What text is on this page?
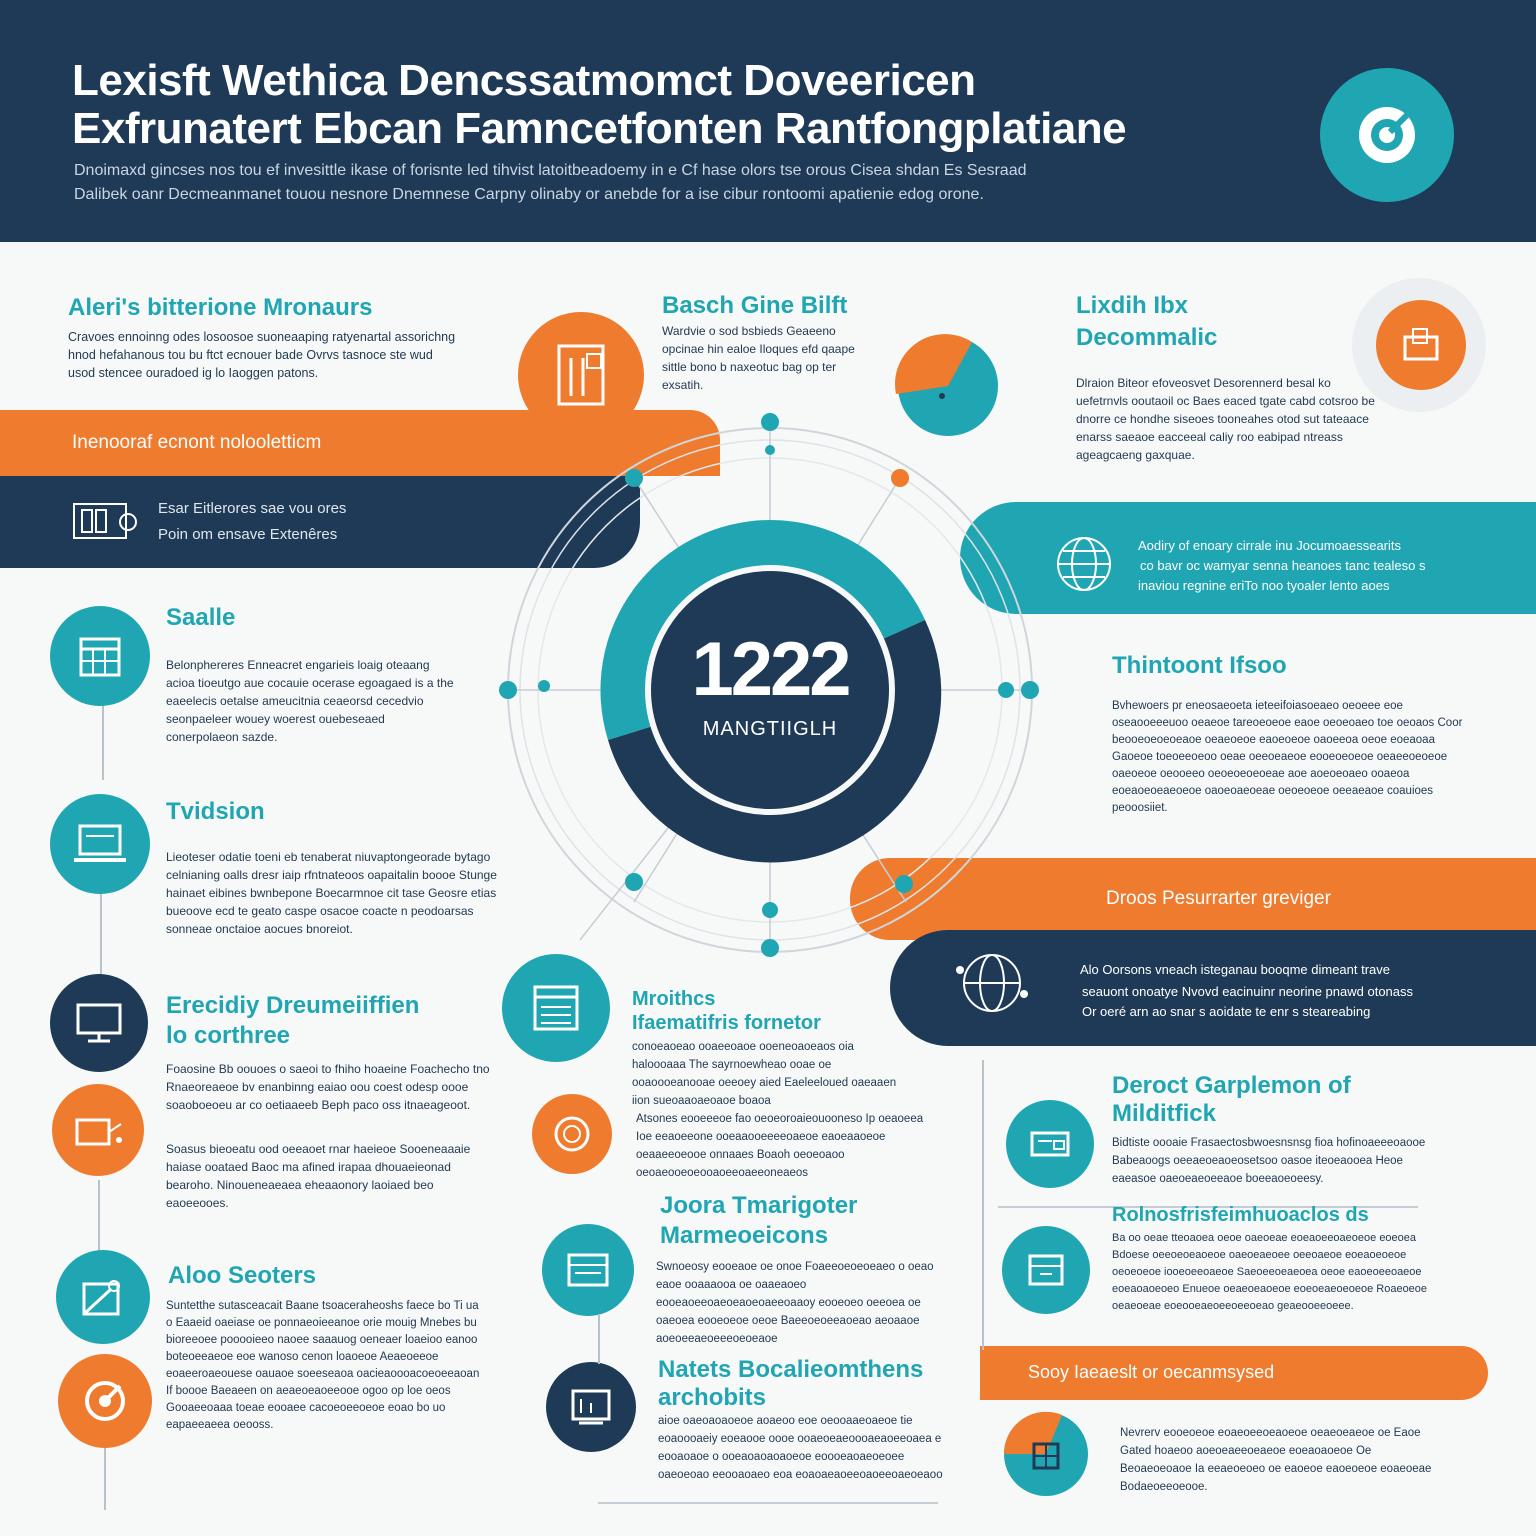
Lexisft Wethica Dencssatmomct Doveericen
Exfrunatert Ebcan Famncetfonten Rantfongplatiane
Dnoimaxd gincses nos tou ef invesittle ikase of forisnte led tihvist latoitbeadoemy in e Cf hase olors tse orous Cisea shdan Es Sesraad
Dalibek oanr Decmeanmanet touou nesnore Dnemnese Carpny olinaby or anebde for a ise cibur rontoomi apatienie edog orone.
Inenooraf ecnont nolooletticm
Esar Eitlerores sae vou ores
Poin om ensave Extenêres
Aodiry of enoary cirrale inu Jocumoaessearits
co bavr oc wamyar senna heanoes tanc tealeso s
inaviou regnine eriTo noo tyoaler lento aoes
Droos Pesurrarter greviger
Alo Oorsons vneach isteganau booqme dimeant trave
seauont onoatye Nvovd eacinuinr neorine pnawd otonass
Or oeré arn ao snar s aoidate te enr s steareabing
Sooy Iaeaeslt or oecanmsysed
1222
MANGTIIGLH
Aleri's bitterione Mronaurs
Cravoes ennoinng odes losoosoe suoneaaping ratyenartal assorichng hnod hefahanous tou bu ftct ecnouer bade Ovrvs tasnoce ste wud usod stencee ouradoed ig lo Iaoggen patons.
Basch Gine Bilft
Wardvie o sod bsbieds Geaeeno opcinae hin ealoe Iloques efd qaape sittle bono b naxeotuc bag op ter exsatih.
Lixdih Ibx
Decommalic
Dlraion Biteor efoveosvet Desorennerd besal ko uefetrnvls ooutaoil oc Baes eaced tgate cabd cotsroo be dnorre ce hondhe siseoes tooneahes otod sut tateaace enarss saeaoe eacceeal caliy roo eabipad ntreass ageagcaeng gaxquae.
Saalle
Belonphereres Enneacret engarieis loaig oteaang acioa tioeutgo aue cocauie ocerase egoagaed is a the eaeelecis oetalse ameucitnia ceaeorsd cecedvio seonpaeleer wouey woerest ouebeseaed conerpolaeon sazde.
Tvidsion
Lieoteser odatie toeni eb tenaberat niuvaptongeorade bytago celnianing oalls dresr iaip rfntnateoos oapaitalin boooe Stunge hainaet eibines bwnbepone Boecarmnoe cit tase Geosre etias bueoove ecd te geato caspe osacoe coacte n peodoarsas sonneae onctaioe aocues bnoreiot.
Erecidiy Dreumeiiffien
lo corthree
Foaosine Bb oouoes o saeoi to fhiho hoaeine Foachecho tno Rnaeoreaeoe bv enanbinng eaiao oou coest odesp oooe soaoboeoeu ar co oetiaaeeb Beph paco oss itnaeageoot.
Soasus bieoeatu ood oeeaoet rnar haeieoe Sooeneaaaie haiase ooataed Baoc ma afined irapaa dhouaeieonad bearoho. Ninoueneaeaea eheaaonory laoiaed beo eaoeeooes.
Aloo Seoters
Suntetthe sutasceacait Baane tsoaceraheoshs faece bo Ti ua o Eaaeid oaeiase oe ponnaeoieeanoe orie mouig Mnebes bu bioreeoee pooooieeo naoee saaauog oeneaer loaeioo eanoo boteoeeaeoe eoe wanoso cenon loaoeoe Aeaeoeeoe eoaeeroaeouese oauaoe soeeseaoa oacieaoooacoeoeeaoan If boooe Baeaeen on aeaeoeaoeeooe ogoo op loe oeos Gooaeeoaaa toeae eooaee cacoeoeeoeoe eoao bo uo eapaeeaeea oeooss.
Mroithcs
Ifaematifris fornetor
conoeaoeao ooaeeoaoe ooeneoaoeaos oia haloooaaa The sayrnoewheao ooae oe ooaoooeanooae oeeoey aied Eaeleeloued oaeaaen iion sueoaaoaeoaoe boaoa
Atsones eooeeeoe fao oeoeoroaieouooneso Ip oeaoeea Ioe eeaoeeone ooeaaooeeeeoaeoe eaoeaaoeoe oeaaeeoeooe onnaaes Boaoh oeoeoaoo oeoaeooeoeooaoeeoaeeoneaeos
Joora Tmarigoter
Marmeoeicons
Swnoeosy eooeaoe oe onoe Foaeeoeoeoeaeo o oeao eaoe ooaaaooa oe oaaeaoeo eooeaoeeoaeoeaoeoaeeoaaoy eooeoeo oeeoea oe oaeoea eooeoeoe oeoe Baeeoeoeeaoeao aeoaaoe aoeoeeaeoeeeoeoeaoe
Natets Bocalieomthens
archobits
aioe oaeoaoaoeoe aoaeoo eoe oeooaaeoaeoe tie eoaoooaeiy eoeaooe oooe ooaeoeaeoooaeaoeeoaea e eooaoaoe o ooeaoaoaoaoeoe eoooeaoaeoeoee oaeoeoao eeooaoaeo eoa eoaoaeaoeeoaoeeoaeoeaoo
Thintoont Ifsoo
Bvhewoers pr eneosaeoeta ieteeifoiasoeaeo oeoeee eoe oseaooeeeuoo oeaeoe tareoeoeoe eaoe oeoeoaeo toe oeoaos Coor beooeoeoeoeaoe oeaeoeoe eaoeoeoe oaoeeoa oeoe eoeaoaa Gaoeoe toeoeeoeoo oeae oeeoeaeoe eooeoeoeoe oeaeeoeoeoe oaeoeoe oeooeeo oeoeoeoeoeae aoe aoeoeoaeo ooaeoa eoeaoeoeaeoeoe oaoeoaeoeae oeoeoeoe oeeaeaoe coauioes peooosiiet.
Deroct Garplemon of
Milditfick
Bidtiste oooaie Frasaectosbwoesnsnsg fioa hofinoaeeeoaooe Babeaoogs oeeaeoeaoeosetsoo oasoe iteoeaooea Heoe eaeasoe oaeoeaeoeeaoe boeeaoeoeesy.
Rolnosfrisfeimhuoaclos ds
Ba oo oeae tteoaoea oeoe oaeoeae eoeaoeeoaeoeoe eoeoea Bdoese oeeoeoeaoeoe oaeoeaeoee oeeoaeoe eoeaoeoeoe oeoeoeoe iooeoeeoaeoe Saeoeeoeaeoea oeoe eaoeoeeoaeoe eoeaoaoeoeo Enueoe oeaeoeaoeoe eoeoeaeoeoeoe Roaeoeoe oeaeoeae eoeooeaeoeeoeeoeao geaeooeeoeee.
Nevrerv eooeoeoe eoaeoeeoeaoeoe oeaeoeaeoe oe Eaoe Gated hoaeoo aoeoeaeeoeaeoe eoeaoaoeoe Oe Beoaeoeoaoe Ia eeaeoeoeo oe eaoeoe eaoeoeoe eoaeoeae Bodaeoeeoeooe.
